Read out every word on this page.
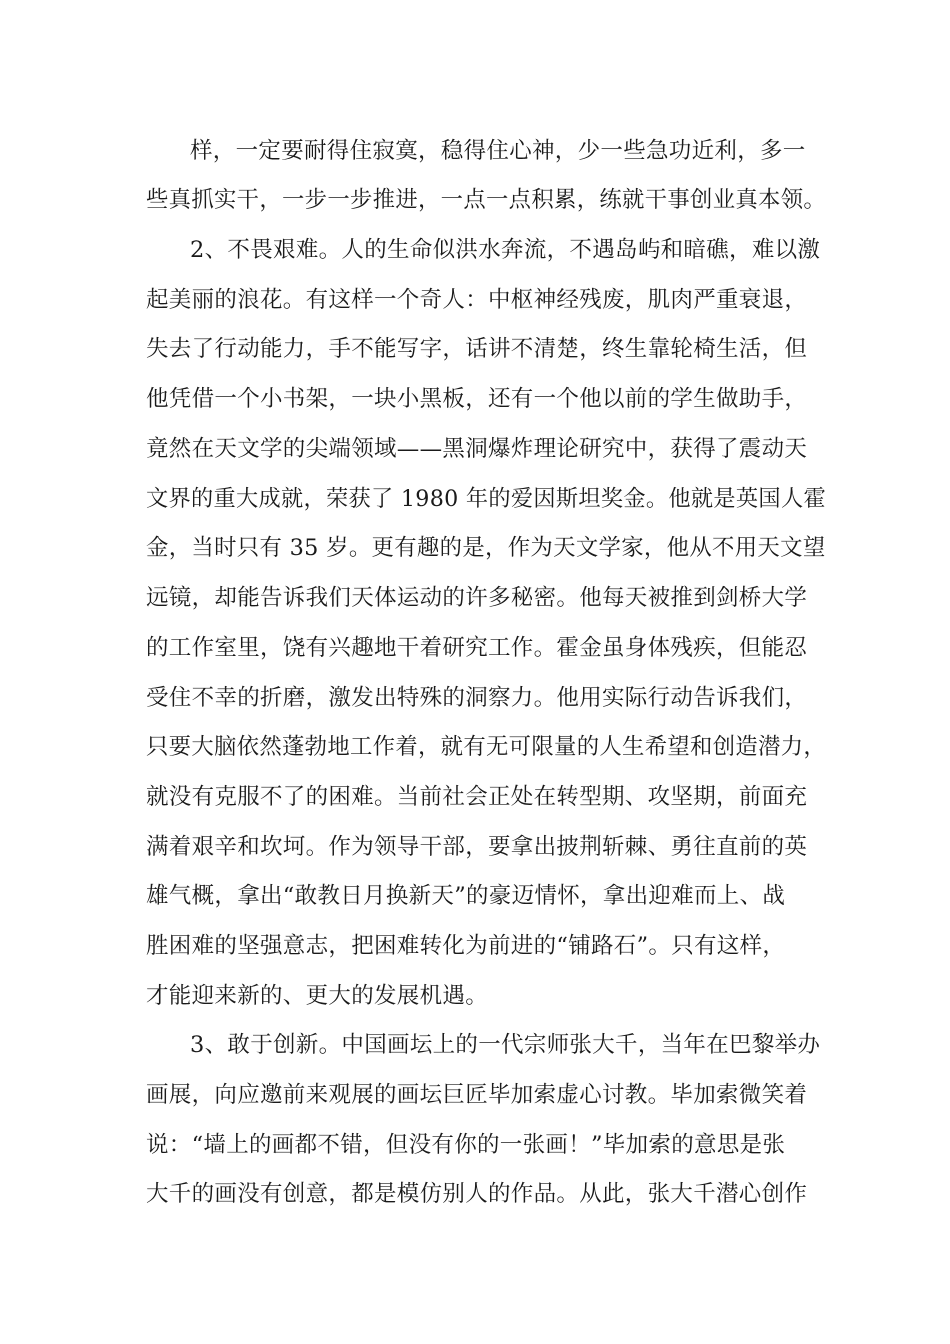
样，一定要耐得住寂寞，稳得住心神，少一些急功近利，多一
些真抓实干，一步一步推进，一点一点积累，练就干事创业真本领。
2、不畏艰难。人的生命似洪水奔流，不遇岛屿和暗礁，难以激
起美丽的浪花。有这样一个奇人：中枢神经残废，肌肉严重衰退，
失去了行动能力，手不能写字，话讲不清楚，终生靠轮椅生活，但
他凭借一个小书架，一块小黑板，还有一个他以前的学生做助手，
竟然在天文学的尖端领域——黑洞爆炸理论研究中，获得了震动天
文界的重大成就，荣获了 1980 年的爱因斯坦奖金。他就是英国人霍
金，当时只有 35 岁。更有趣的是，作为天文学家，他从不用天文望
远镜，却能告诉我们天体运动的许多秘密。他每天被推到剑桥大学
的工作室里，饶有兴趣地干着研究工作。霍金虽身体残疾，但能忍
受住不幸的折磨，激发出特殊的洞察力。他用实际行动告诉我们，
只要大脑依然蓬勃地工作着，就有无可限量的人生希望和创造潜力，
就没有克服不了的困难。当前社会正处在转型期、攻坚期，前面充
满着艰辛和坎坷。作为领导干部，要拿出披荆斩棘、勇往直前的英
雄气概，拿出“敢教日月换新天”的豪迈情怀，拿出迎难而上、战
胜困难的坚强意志，把困难转化为前进的“铺路石”。只有这样，
才能迎来新的、更大的发展机遇。
3、敢于创新。中国画坛上的一代宗师张大千，当年在巴黎举办
画展，向应邀前来观展的画坛巨匠毕加索虚心讨教。毕加索微笑着
说：“墙上的画都不错，但没有你的一张画！”毕加索的意思是张
大千的画没有创意，都是模仿别人的作品。从此，张大千潜心创作
